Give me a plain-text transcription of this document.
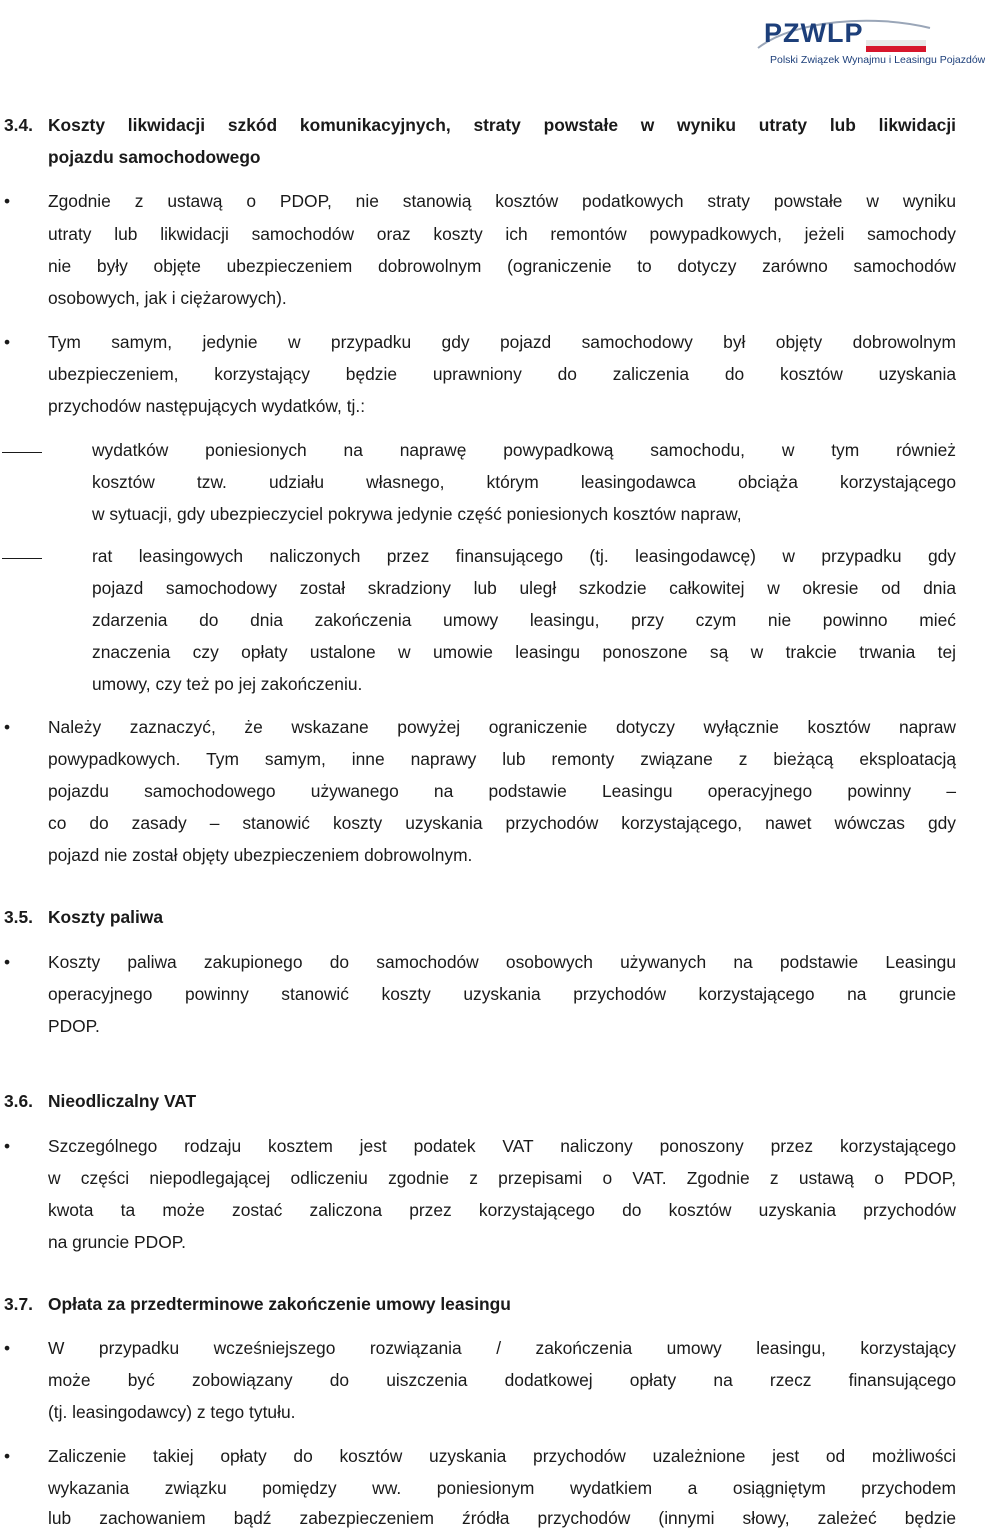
PZWLP
Polski Związek Wynajmu i Leasingu Pojazdów
3.4. Koszty likwidacji szkód komunikacyjnych, straty powstałe w wyniku utraty lub likwidacji
pojazdu samochodowego
• Zgodnie z ustawą o PDOP, nie stanowią kosztów podatkowych straty powstałe w wyniku
utraty lub likwidacji samochodów oraz koszty ich remontów powypadkowych, jeżeli samochody
nie były objęte ubezpieczeniem dobrowolnym (ograniczenie to dotyczy zarówno samochodów
osobowych, jak i ciężarowych).
• Tym samym, jedynie w przypadku gdy pojazd samochodowy był objęty dobrowolnym
ubezpieczeniem, korzystający będzie uprawniony do zaliczenia do kosztów uzyskania
przychodów następujących wydatków, tj.:
wydatków poniesionych na naprawę powypadkową samochodu, w tym również
kosztów tzw. udziału własnego, którym leasingodawca obciąża korzystającego
w sytuacji, gdy ubezpieczyciel pokrywa jedynie część poniesionych kosztów napraw,
rat leasingowych naliczonych przez finansującego (tj. leasingodawcę) w przypadku gdy
pojazd samochodowy został skradziony lub uległ szkodzie całkowitej w okresie od dnia
zdarzenia do dnia zakończenia umowy leasingu, przy czym nie powinno mieć
znaczenia czy opłaty ustalone w umowie leasingu ponoszone są w trakcie trwania tej
umowy, czy też po jej zakończeniu.
• Należy zaznaczyć, że wskazane powyżej ograniczenie dotyczy wyłącznie kosztów napraw
powypadkowych. Tym samym, inne naprawy lub remonty związane z bieżącą eksploatacją
pojazdu samochodowego używanego na podstawie Leasingu operacyjnego powinny –
co do zasady – stanowić koszty uzyskania przychodów korzystającego, nawet wówczas gdy
pojazd nie został objęty ubezpieczeniem dobrowolnym.
3.5. Koszty paliwa
• Koszty paliwa zakupionego do samochodów osobowych używanych na podstawie Leasingu
operacyjnego powinny stanowić koszty uzyskania przychodów korzystającego na gruncie
PDOP.
3.6. Nieodliczalny VAT
• Szczególnego rodzaju kosztem jest podatek VAT naliczony ponoszony przez korzystającego
w części niepodlegającej odliczeniu zgodnie z przepisami o VAT. Zgodnie z ustawą o PDOP,
kwota ta może zostać zaliczona przez korzystającego do kosztów uzyskania przychodów
na gruncie PDOP.
3.7. Opłata za przedterminowe zakończenie umowy leasingu
• W przypadku wcześniejszego rozwiązania / zakończenia umowy leasingu, korzystający
może być zobowiązany do uiszczenia dodatkowej opłaty na rzecz finansującego
(tj. leasingodawcy) z tego tytułu.
• Zaliczenie takiej opłaty do kosztów uzyskania przychodów uzależnione jest od możliwości
wykazania związku pomiędzy ww. poniesionym wydatkiem a osiągniętym przychodem
lub zachowaniem bądź zabezpieczeniem źródła przychodów (innymi słowy, zależeć będzie
